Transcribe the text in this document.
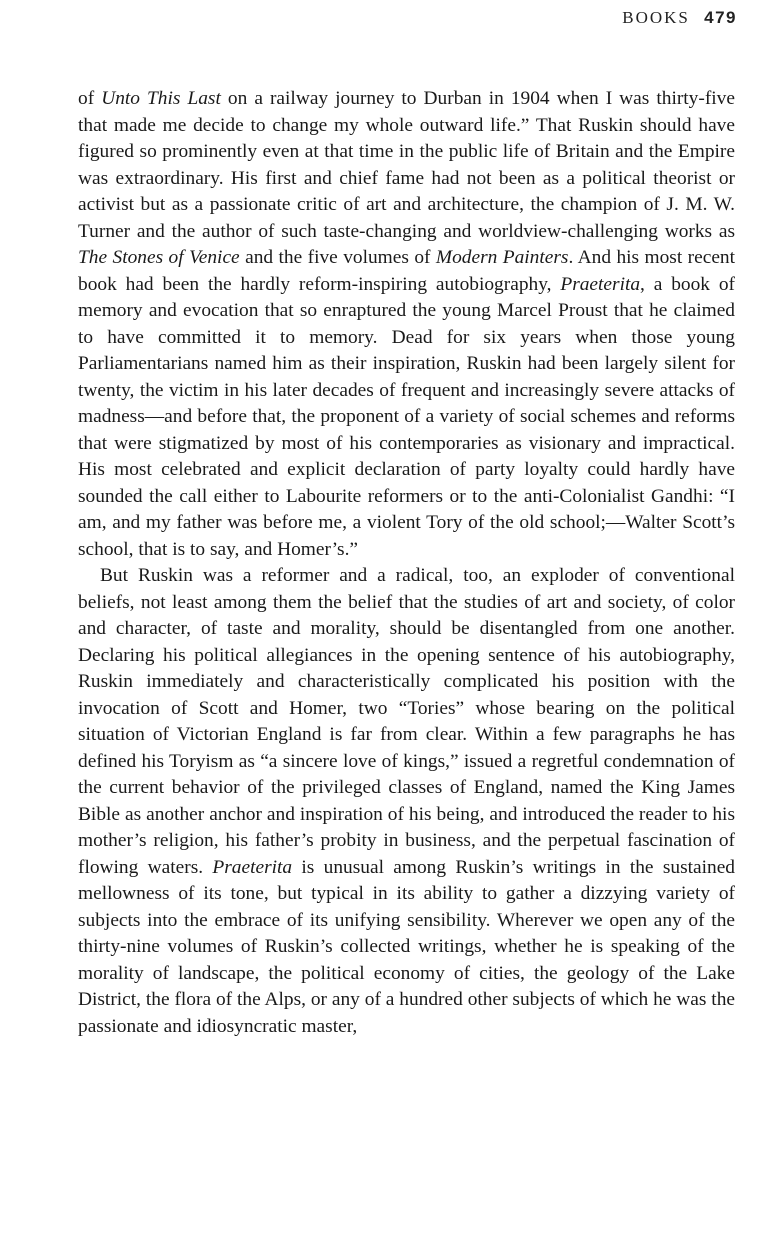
BOOKS 479

of Unto This Last on a railway journey to Durban in 1904 when I was thirty-five that made me decide to change my whole outward life.” That Ruskin should have figured so prominently even at that time in the public life of Britain and the Empire was extraordinary. His first and chief fame had not been as a political theorist or activist but as a passionate critic of art and architecture, the champion of J. M. W. Turner and the author of such taste-changing and worldview-challenging works as The Stones of Venice and the five volumes of Modern Painters. And his most recent book had been the hardly reform-inspiring autobiography, Praeterita, a book of memory and evocation that so enraptured the young Marcel Proust that he claimed to have committed it to memory. Dead for six years when those young Parliamentarians named him as their inspiration, Ruskin had been largely silent for twenty, the victim in his later decades of frequent and increasingly severe attacks of madness—and before that, the proponent of a variety of social schemes and reforms that were stigmatized by most of his contemporaries as visionary and impractical. His most celebrated and explicit declaration of party loyalty could hardly have sounded the call either to Labourite reformers or to the anti-Colonialist Gandhi: “I am, and my father was before me, a violent Tory of the old school;—Walter Scott’s school, that is to say, and Homer’s.”

But Ruskin was a reformer and a radical, too, an exploder of conventional beliefs, not least among them the belief that the studies of art and society, of color and character, of taste and morality, should be disentangled from one another. Declaring his political allegiances in the opening sentence of his autobiography, Ruskin immediately and characteristically complicated his position with the invocation of Scott and Homer, two “Tories” whose bearing on the political situation of Victorian England is far from clear. Within a few paragraphs he has defined his Toryism as “a sincere love of kings,” issued a regretful condemnation of the current behavior of the privileged classes of England, named the King James Bible as another anchor and inspiration of his being, and introduced the reader to his mother’s religion, his father’s probity in business, and the perpetual fascination of flowing waters. Praeterita is unusual among Ruskin’s writings in the sustained mellowness of its tone, but typical in its ability to gather a dizzying variety of subjects into the embrace of its unifying sensibility. Wherever we open any of the thirty-nine volumes of Ruskin’s collected writings, whether he is speaking of the morality of landscape, the political economy of cities, the geology of the Lake District, the flora of the Alps, or any of a hundred other subjects of which he was the passionate and idiosyncratic master,
